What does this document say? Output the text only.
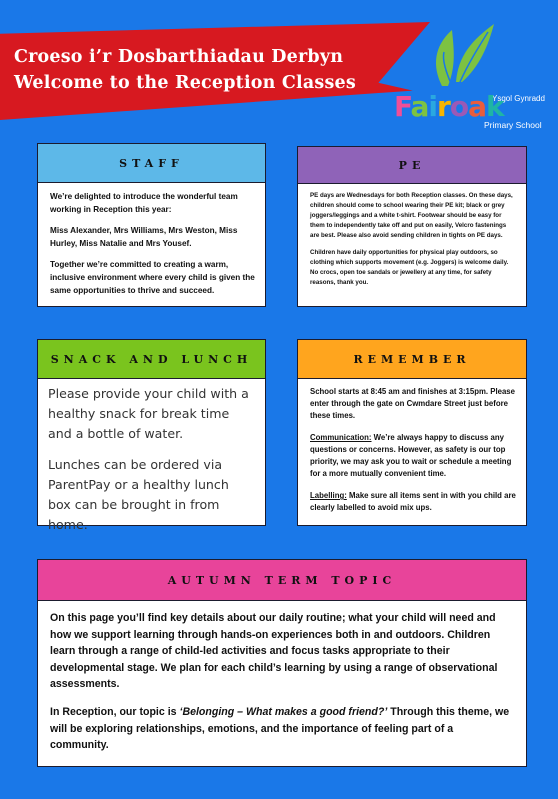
Croeso i’r Dosbarthiadau Derbyn
Welcome to the Reception Classes
Ysgol Gynradd
Fairoak
Primary School
STAFF

We’re delighted to introduce the wonderful team working in Reception this year:

Miss Alexander, Mrs Williams, Mrs Weston, Miss Hurley, Miss Natalie and Mrs Yousef.

Together we’re committed to creating a warm, inclusive environment where every child is given the same opportunities to thrive and succeed.

PE

PE days are Wednesdays for both Reception classes. On these days, children should come to school wearing their PE kit; black or grey joggers/leggings and a white t-shirt. Footwear should be easy for them to independently take off and put on easily, Velcro fastenings are best. Please also avoid sending children in tights on PE days.

Children have daily opportunities for physical play outdoors, so clothing which supports movement (e.g. Joggers) is welcome daily. No crocs, open toe sandals or jewellery at any time, for safety reasons, thank you.

SNACK AND LUNCH

Please provide your child with a healthy snack for break time and a bottle of water.

Lunches can be ordered via ParentPay or a healthy lunch box can be brought in from home.

REMEMBER

School starts at 8:45 am and finishes at 3:15pm. Please enter through the gate on Cwmdare Street just before these times.

Communication: We’re always happy to discuss any questions or concerns. However, as safety is our top priority, we may ask you to wait or schedule a meeting for a more mutually convenient time.

Labelling: Make sure all items sent in with you child are clearly labelled to avoid mix ups.

AUTUMN TERM TOPIC

On this page you’ll find key details about our daily routine; what your child will need and how we support learning through hands-on experiences both in and outdoors. Children learn through a range of child-led activities and focus tasks appropriate to their developmental stage. We plan for each child’s learning by using a range of observational assessments.

In Reception, our topic is ‘Belonging – What makes a good friend?’ Through this theme, we will be exploring relationships, emotions, and the importance of feeling part of a community.
